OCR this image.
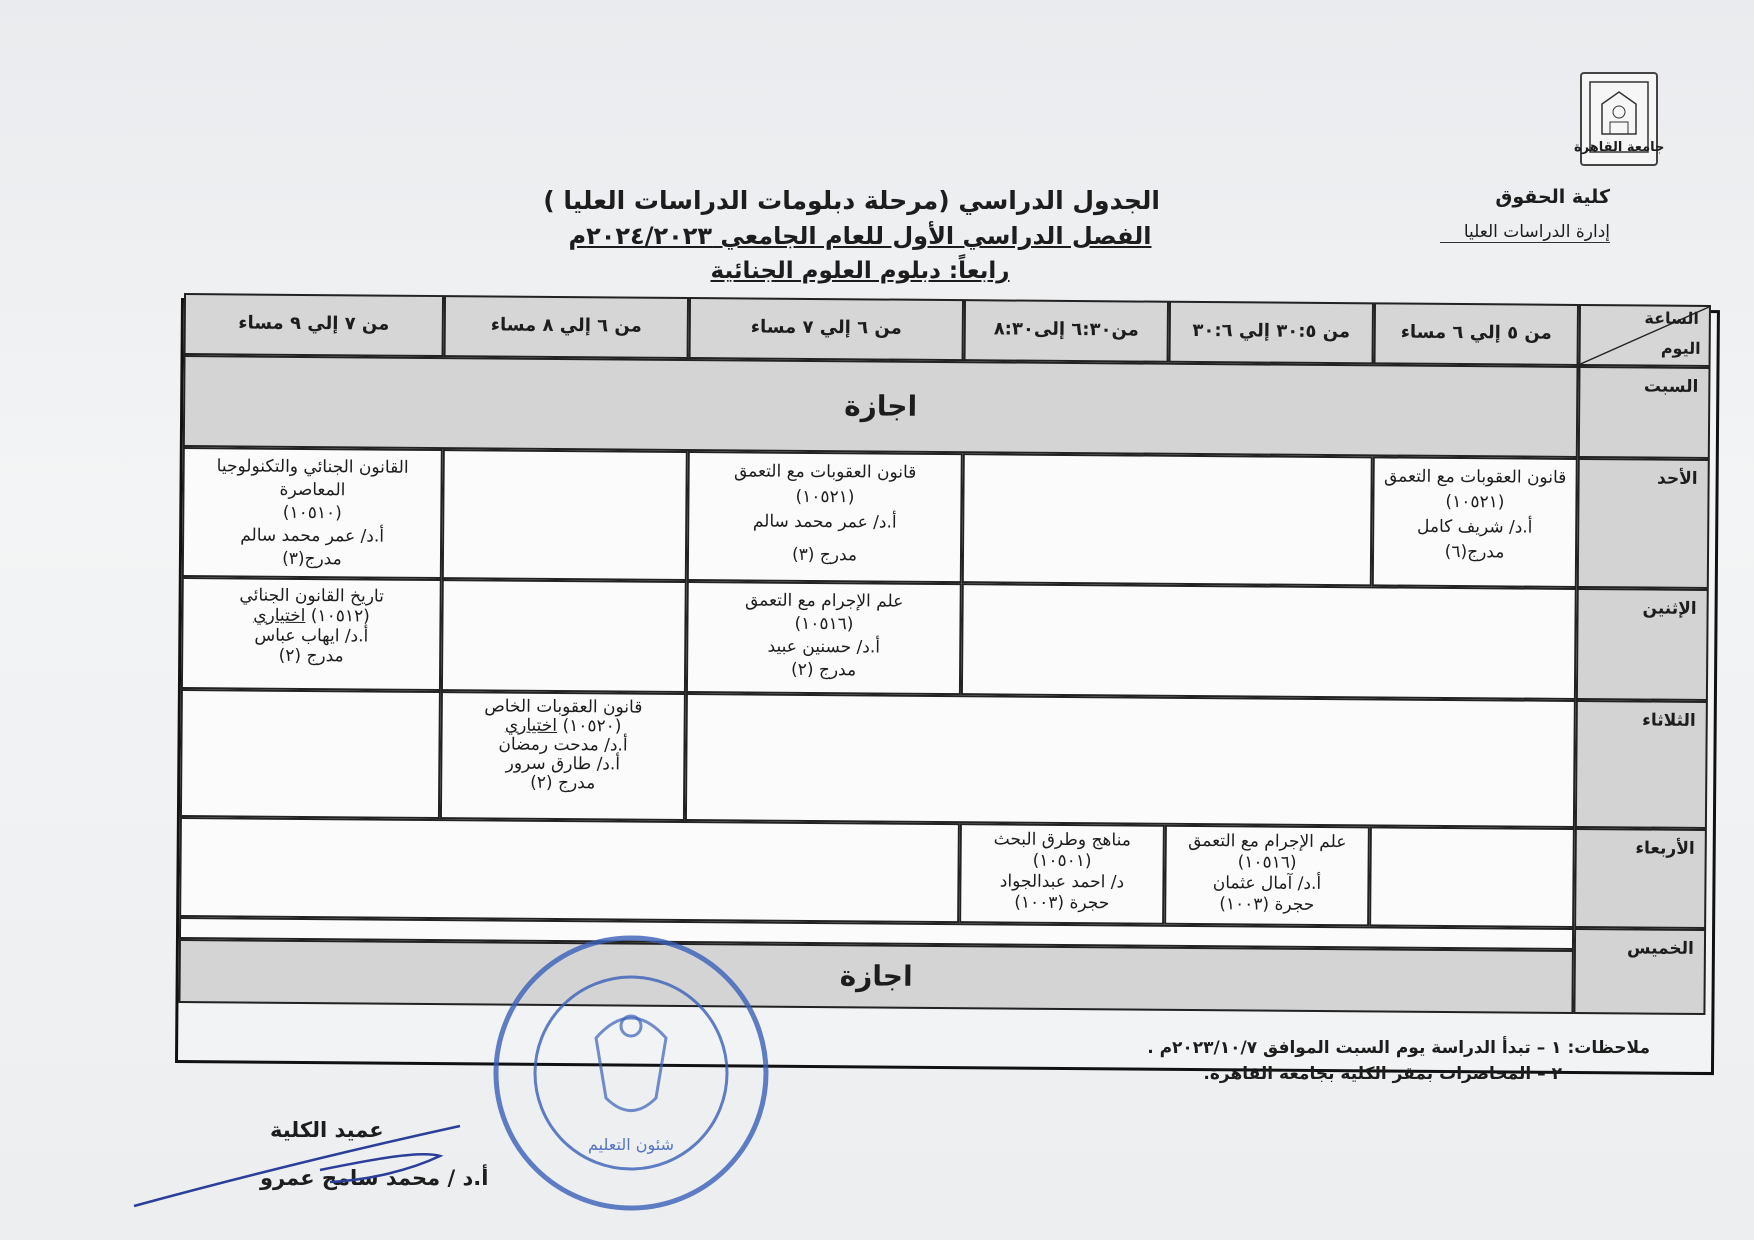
جامعة القاهرة
كلية الحقوق
إدارة الدراسات العليا
الجدول الدراسي (مرحلة دبلومات الدراسات العليا )
الفصل الدراسي الأول للعام الجامعي ٢٠٢٤/٢٠٢٣م
رابعاً: دبلوم العلوم الجنائية
الساعة
اليوم
من ٥ إلي ٦ مساء
من ٣٠:٥ إلي ٣٠:٦
من٦:٣٠ إلى٨:٣٠
من ٦ إلي ٧ مساء
من ٦ إلي ٨ مساء
من ٧ إلي ٩ مساء
السبت
الأحد
الإثنين
الثلاثاء
الأربعاء
الخميس
اجازة
قانون العقوبات مع التعمق
(١٠٥٢١)
أ.د/ شريف كامل
مدرج(٦)
قانون العقوبات مع التعمق
(١٠٥٢١)
أ.د/ عمر محمد سالم
مدرج (٣)
القانون الجنائي والتكنولوجيا
المعاصرة
(١٠٥١٠)
أ.د/ عمر محمد سالم
مدرج(٣)
علم الإجرام مع التعمق
(١٠٥١٦)
أ.د/ حسنين عبيد
مدرج (٢)
تاريخ القانون الجنائي
(١٠٥١٢) اختياري
أ.د/ ايهاب عباس
مدرج (٢)
قانون العقوبات الخاص
(١٠٥٢٠) اختياري
أ.د/ مدحت رمضان
أ.د/ طارق سرور
مدرج (٢)
علم الإجرام مع التعمق
(١٠٥١٦)
أ.د/ آمال عثمان
حجرة (١٠٠٣)
مناهج وطرق البحث
(١٠٥٠١)
د/ احمد عبدالجواد
حجرة (١٠٠٣)
اجازة
ملاحظات: ١ – تبدأ الدراسة يوم السبت الموافق ٢٠٢٣/١٠/٧م .
٢ – المحاضرات بمقر الكلية بجامعة القاهرة.
شئون التعليم
عميد الكلية
أ.د / محمد سامح عمرو
